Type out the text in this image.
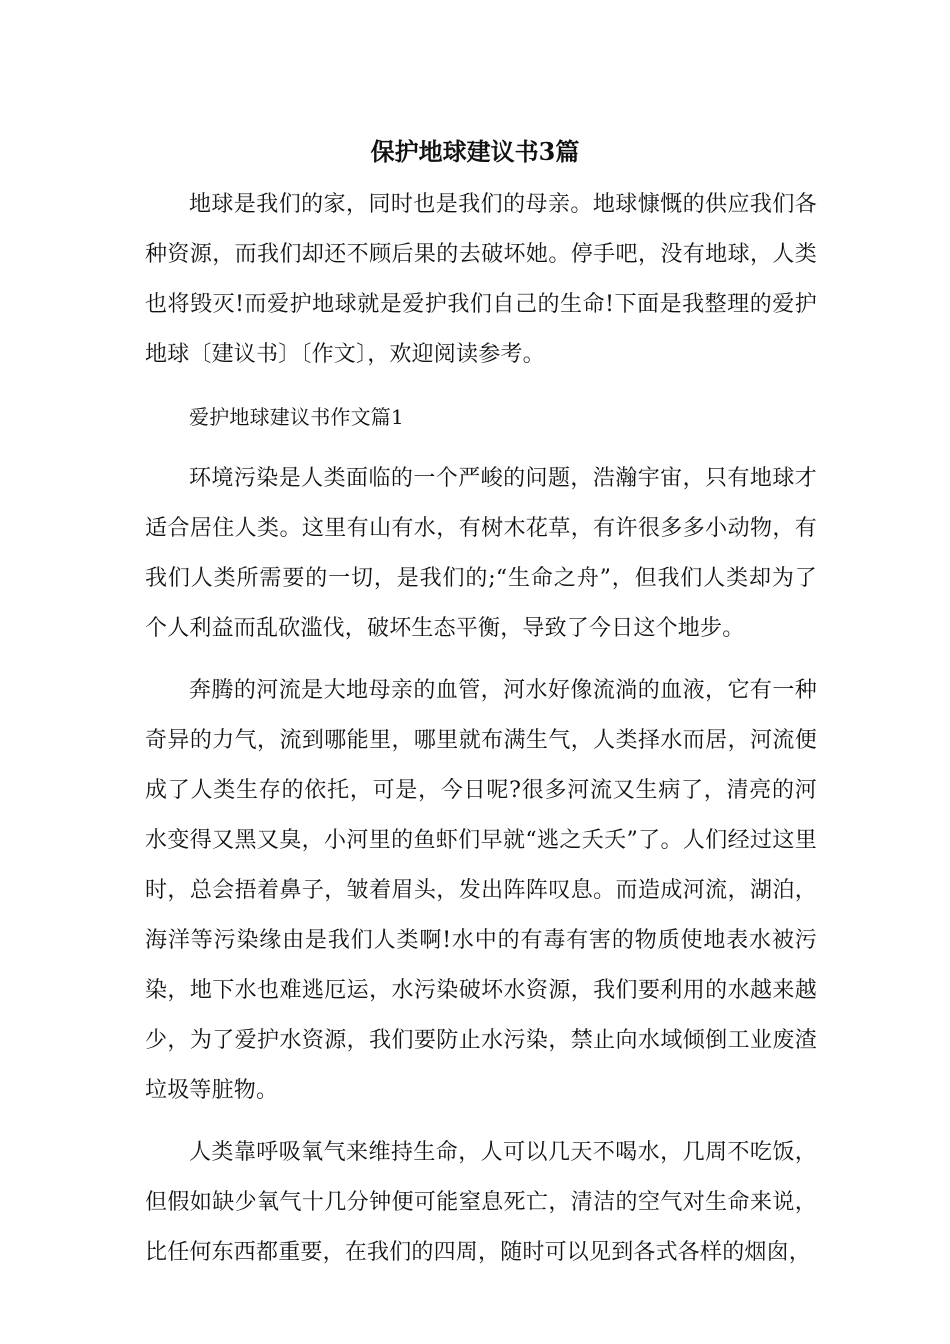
保护地球建议书3篇

地球是我们的家，同时也是我们的母亲。地球慷慨的供应我们各种资源，而我们却还不顾后果的去破坏她。停手吧，没有地球，人类也将毁灭!而爱护地球就是爱护我们自己的生命!下面是我整理的爱护地球〔建议书〕〔作文〕，欢迎阅读参考。

爱护地球建议书作文篇1

环境污染是人类面临的一个严峻的问题，浩瀚宇宙，只有地球才适合居住人类。这里有山有水，有树木花草，有许很多多小动物，有我们人类所需要的一切，是我们的;“生命之舟”，但我们人类却为了个人利益而乱砍滥伐，破坏生态平衡，导致了今日这个地步。

奔腾的河流是大地母亲的血管，河水好像流淌的血液，它有一种奇异的力气，流到哪能里，哪里就布满生气，人类择水而居，河流便成了人类生存的依托，可是，今日呢?很多河流又生病了，清亮的河水变得又黑又臭，小河里的鱼虾们早就“逃之夭夭”了。人们经过这里时，总会捂着鼻子，皱着眉头，发出阵阵叹息。而造成河流，湖泊，海洋等污染缘由是我们人类啊!水中的有毒有害的物质使地表水被污染，地下水也难逃厄运，水污染破坏水资源，我们要利用的水越来越少，为了爱护水资源，我们要防止水污染，禁止向水域倾倒工业废渣垃圾等脏物。

人类靠呼吸氧气来维持生命，人可以几天不喝水，几周不吃饭，但假如缺少氧气十几分钟便可能窒息死亡，清洁的空气对生命来说，比任何东西都重要，在我们的四周，随时可以见到各式各样的烟囱，
